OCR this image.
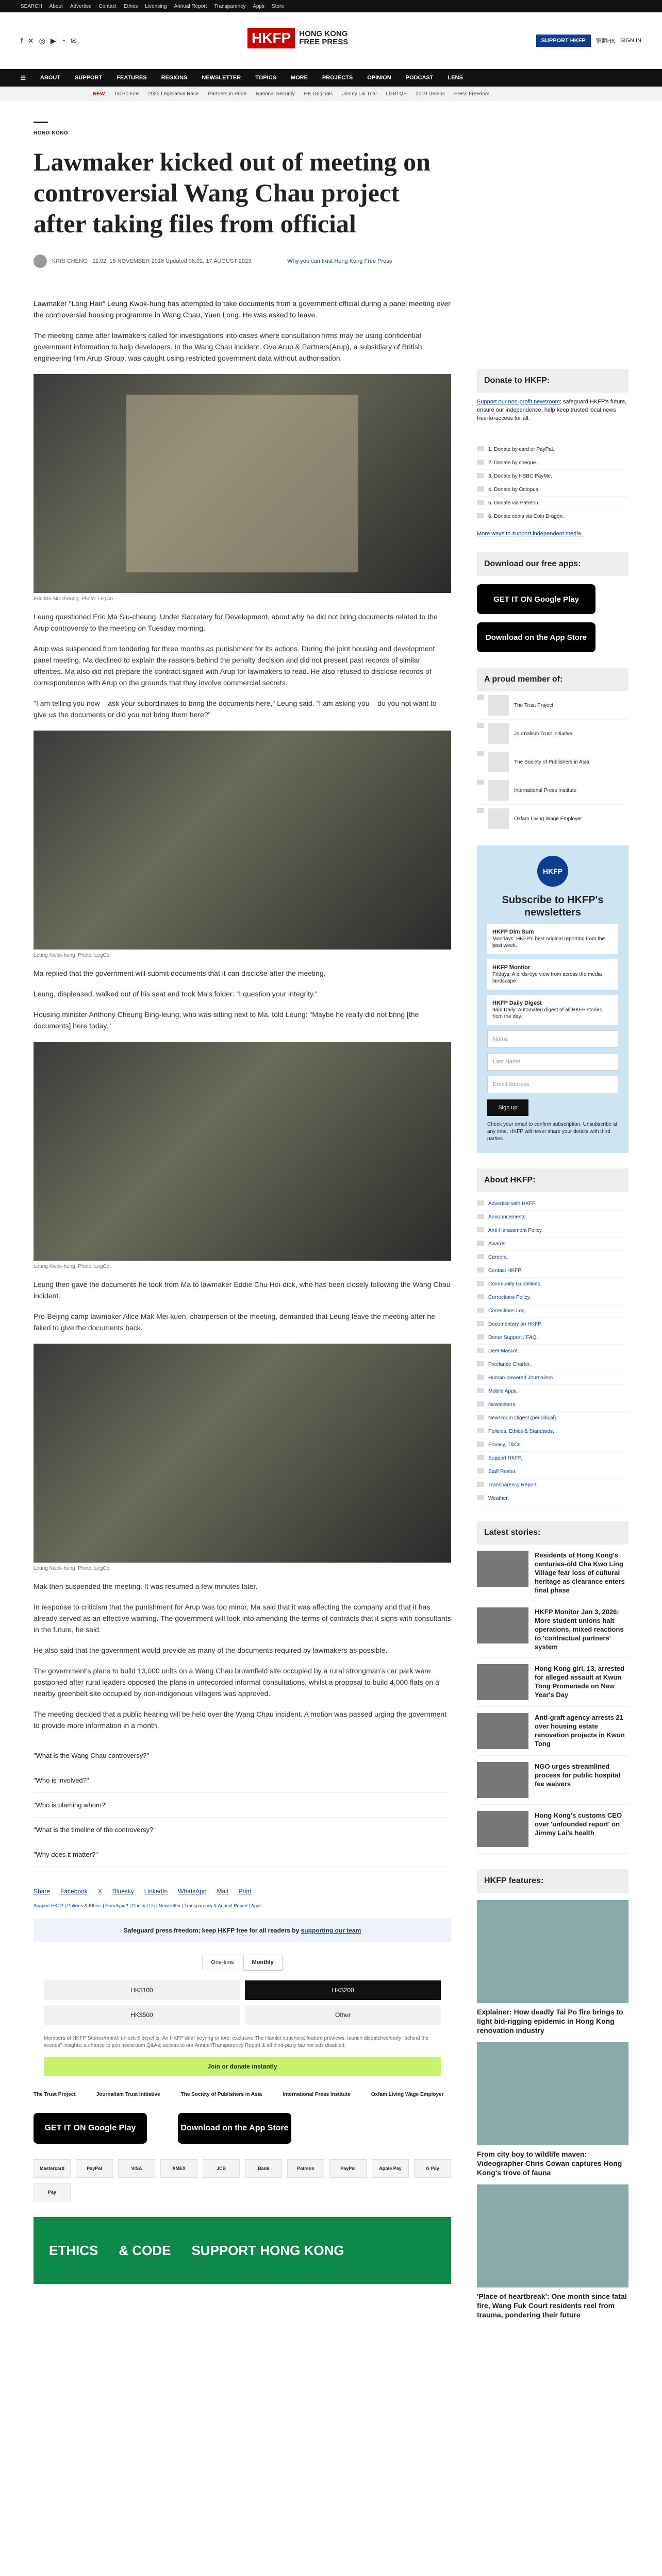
SEARCH About Advertise Contact Ethics Licensing Annual Report Transparency Apps Store
f ✕ ◎ ▶ ◔ ✉	HKFP	HONG KONG
FREE PRESS	SUPPORT HKFP	繁體HK SIGN IN
☰	ABOUT	SUPPORT	FEATURES	REGIONS	NEWSLETTER	TOPICS	MORE	PROJECTS	OPINION	PODCAST	LENS
NEW Tai Po Fire 2025 Legislative Race Partners in Pride National Security HK Originals Jimmy Lai Trial LGBTQ+ 2019 Demos Press Freedom
HONG KONG
Lawmaker kicked out of meeting on controversial Wang Chau project after taking files from official
KRIS CHENG 11:02, 15 NOVEMBER 2016 Updated 08:02, 17 AUGUST 2023	Why you can trust Hong Kong Free Press

Lawmaker "Long Hair" Leung Kwok-hung has attempted to take documents from a government official during a panel meeting over the controversial housing programme in Wang Chau, Yuen Long. He was asked to leave.

The meeting came after lawmakers called for investigations into cases where consultation firms may be using confidential government information to help developers. In the Wang Chau incident, Ove Arup & Partners(Arup), a subsidiary of British engineering firm Arup Group, was caught using restricted government data without authorisation.

Eric Ma Siu-cheung. Photo: LegCo.

Leung questioned Eric Ma Siu-cheung, Under Secretary for Development, about why he did not bring documents related to the Arup controversy to the meeting on Tuesday morning.

Arup was suspended from tendering for three months as punishment for its actions. During the joint housing and development panel meeting, Ma declined to explain the reasons behind the penalty decision and did not present past records of similar offences. Ma also did not prepare the contract signed with Arup for lawmakers to read. He also refused to disclose records of correspondence with Arup on the grounds that they involve commercial secrets.

"I am telling you now – ask your subordinates to bring the documents here," Leung said. "I am asking you – do you not want to give us the documents or did you not bring them here?"

Leung Kwok-hung. Photo: LegCo.

Ma replied that the government will submit documents that it can disclose after the meeting.

Leung, displeased, walked out of his seat and took Ma's folder: "I question your integrity."

Housing minister Anthony Cheung Bing-leung, who was sitting next to Ma, told Leung: "Maybe he really did not bring [the documents] here today."

Leung Kwok-hung. Photo: LegCo.

Leung then gave the documents he took from Ma to lawmaker Eddie Chu Hoi-dick, who has been closely following the Wang Chau incident.

Pro-Beijing camp lawmaker Alice Mak Mei-kuen, chairperson of the meeting, demanded that Leung leave the meeting after he failed to give the documents back.

Leung Kwok-hung. Photo: LegCo.

Mak then suspended the meeting. It was resumed a few minutes later.

In response to criticism that the punishment for Arup was too minor, Ma said that it was affecting the company and that it has already served as an effective warning. The government will look into amending the terms of contracts that it signs with consultants in the future, he said.

He also said that the government would provide as many of the documents required by lawmakers as possible.

The government's plans to build 13,000 units on a Wang Chau brownfield site occupied by a rural strongman's car park were postponed after rural leaders opposed the plans in unrecorded informal consultations, whilst a proposal to build 4,000 flats on a nearby greenbelt site occupied by non-indigenous villagers was approved.

The meeting decided that a public hearing will be held over the Wang Chau incident. A motion was passed urging the government to provide more information in a month.

"What is the Wang Chau controversy?"
"Who is involved?"
"Who is blaming whom?"
"What is the timeline of the controversy?"
"Why does it matter?"
Share Facebook X Bluesky LinkedIn WhatsApp Mail Print
Support HKFP | Policies & Ethics | Error/typo? | Contact Us | Newsletter | Transparency & Annual Report | Apps
Safeguard press freedom; keep HKFP free for all readers by supporting our team
One-time	Monthly
HK$100	HK$200
HK$500	Other
Members of HKFP Stories/month unlock 5 benefits: An HKFP dear keyring or tote; exclusive The Hamlet vouchers; feature previews; launch dispatches/early "behind the scenes" insights; a chance to join newsroom Q&As; access to our Annual/Transparency Report & all third-party banner ads disabled.
Join or donate instantly
The Trust Project	Journalism Trust Initiative	The Society of Publishers in Asia	International Press Institute	Oxfam Living Wage Employer
GET IT ON Google Play	Download on the App Store
Mastercard	PayPal	VISA	AMEX	JCB	Bank	Patreon	PayPal	Apple Pay	G Pay
Pay
ETHICS & CODE SUPPORT HONG KONG
Donate to HKFP:

Support our non-profit newsroom; safeguard HKFP's future, ensure our independence, help keep trusted local news free-to-access for all.

1. Donate by card or PayPal.
2. Donate by cheque.
3. Donate by HSBC PayMe.
4. Donate by Octopus.
5. Donate via Patreon.
6. Donate coins via Coin Dragon.

More ways to support independent media.

Download our free apps:
GET IT ON Google Play
Download on the App Store
A proud member of:
The Trust Project
Journalism Trust Initiative
The Society of Publishers in Asia
International Press Institute
Oxfam Living Wage Employer
HKFP
Subscribe to HKFP's newsletters
HKFP Dim Sum
Mondays: HKFP's best original reporting from the past week.
HKFP Monitor
Fridays: A birds-eye view from across the media landscape.
HKFP Daily Digest
9am Daily: Automated digest of all HKFP stories from the day.
Name
Last Name
Email Address
Sign up

Check your email to confirm subscription. Unsubscribe at any time. HKFP will never share your details with third parties.

About HKFP:
Advertise with HKFP.
Announcements.
Anti-Harassment Policy.
Awards.
Careers.
Contact HKFP.
Community Guidelines.
Corrections Policy.
Corrections Log.
Documentary on HKFP.
Donor Support / FAQ.
Deer Mascot.
Freelance Charter.
Human-powered Journalism.
Mobile Apps.
Newsletters.
Newsroom Digest (periodical).
Policies, Ethics & Standards.
Privacy, T&Cs.
Support HKFP.
Staff Roster.
Transparency Report.
Weather.
Latest stories:
Residents of Hong Kong's centuries-old Cha Kwo Ling Village fear loss of cultural heritage as clearance enters final phase
HKFP Monitor Jan 3, 2026: More student unions halt operations, mixed reactions to 'contractual partners' system
Hong Kong girl, 13, arrested for alleged assault at Kwun Tong Promenade on New Year's Day
Anti-graft agency arrests 21 over housing estate renovation projects in Kwun Tong
NGO urges streamlined process for public hospital fee waivers
Hong Kong's customs CEO over 'unfounded report' on Jimmy Lai's health
HKFP features:
Explainer: How deadly Tai Po fire brings to light bid-rigging epidemic in Hong Kong renovation industry
From city boy to wildlife maven: Videographer Chris Cowan captures Hong Kong's trove of fauna
'Place of heartbreak': One month since fatal fire, Wang Fuk Court residents reel from trauma, pondering their future
